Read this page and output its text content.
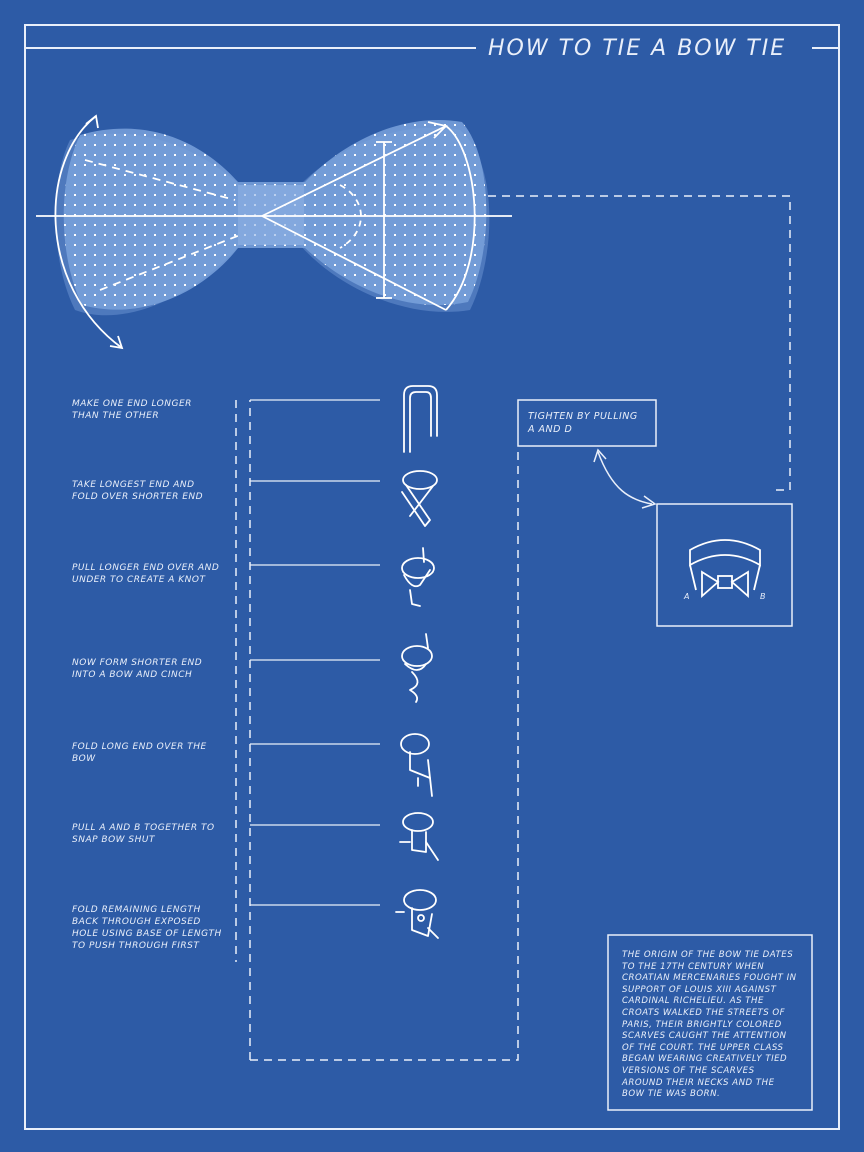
HOW TO TIE A BOW TIE
MAKE ONE END LONGER THAN THE OTHER
TAKE LONGEST END AND FOLD OVER SHORTER END
PULL LONGER END OVER AND UNDER TO CREATE A KNOT
NOW FORM SHORTER END INTO A BOW AND CINCH
FOLD LONG END OVER THE BOW
PULL A AND B TOGETHER TO SNAP BOW SHUT
FOLD REMAINING LENGTH BACK THROUGH EXPOSED HOLE USING BASE OF LENGTH TO PUSH THROUGH FIRST
TIGHTEN BY PULLING A AND D
A	B
THE ORIGIN OF THE BOW TIE DATES TO THE 17TH CENTURY WHEN CROATIAN MERCENARIES FOUGHT IN SUPPORT OF LOUIS XIII AGAINST CARDINAL RICHELIEU. AS THE CROATS WALKED THE STREETS OF PARIS, THEIR BRIGHTLY COLORED SCARVES CAUGHT THE ATTENTION OF THE COURT. THE UPPER CLASS BEGAN WEARING CREATIVELY TIED VERSIONS OF THE SCARVES AROUND THEIR NECKS AND THE BOW TIE WAS BORN.
